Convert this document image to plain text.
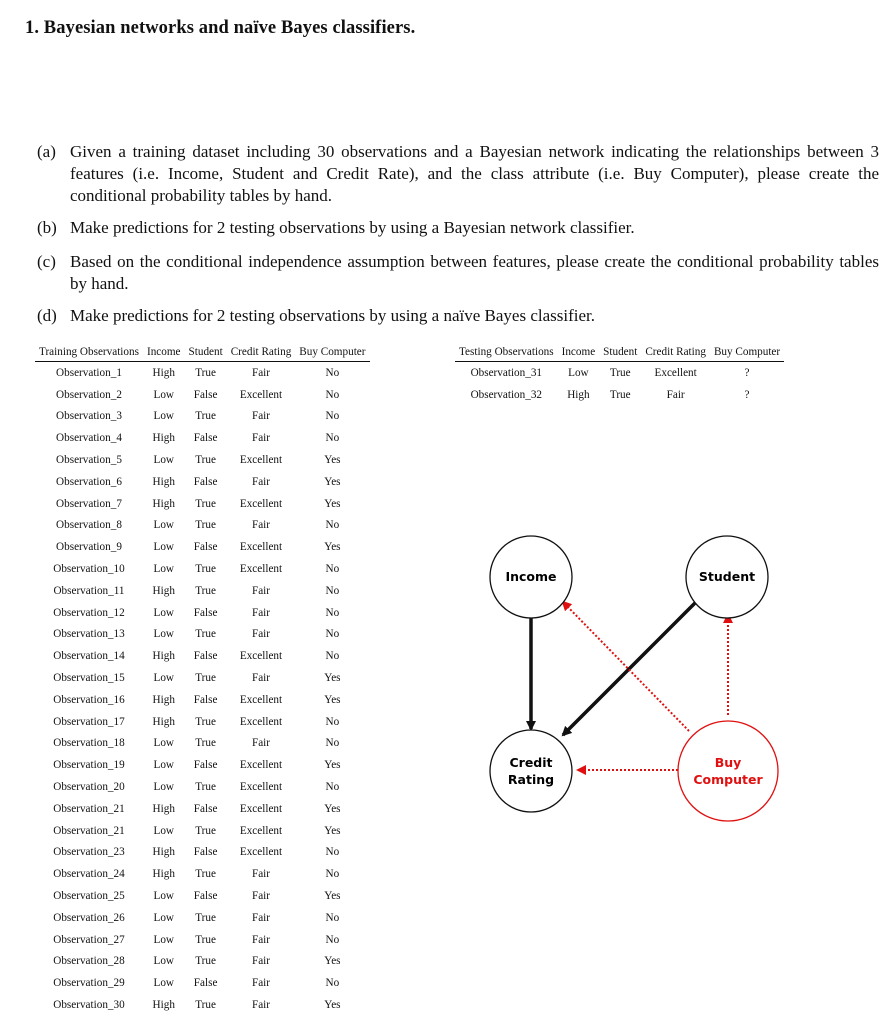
1. Bayesian networks and naïve Bayes classifiers.
(a) Given a training dataset including 30 observations and a Bayesian network indicating the relationships between 3 features (i.e. Income, Student and Credit Rate), and the class attribute (i.e. Buy Computer), please create the conditional probability tables by hand.
(b) Make predictions for 2 testing observations by using a Bayesian network classifier.
(c) Based on the conditional independence assumption between features, please create the conditional probability tables by hand.
(d) Make predictions for 2 testing observations by using a naïve Bayes classifier.
Training Observations	Income	Student	Credit Rating	Buy Computer
Observation_1	High	True	Fair	No
Observation_2	Low	False	Excellent	No
Observation_3	Low	True	Fair	No
Observation_4	High	False	Fair	No
Observation_5	Low	True	Excellent	Yes
Observation_6	High	False	Fair	Yes
Observation_7	High	True	Excellent	Yes
Observation_8	Low	True	Fair	No
Observation_9	Low	False	Excellent	Yes
Observation_10	Low	True	Excellent	No
Observation_11	High	True	Fair	No
Observation_12	Low	False	Fair	No
Observation_13	Low	True	Fair	No
Observation_14	High	False	Excellent	No
Observation_15	Low	True	Fair	Yes
Observation_16	High	False	Excellent	Yes
Observation_17	High	True	Excellent	No
Observation_18	Low	True	Fair	No
Observation_19	Low	False	Excellent	Yes
Observation_20	Low	True	Excellent	No
Observation_21	High	False	Excellent	Yes
Observation_21	Low	True	Excellent	Yes
Observation_23	High	False	Excellent	No
Observation_24	High	True	Fair	No
Observation_25	Low	False	Fair	Yes
Observation_26	Low	True	Fair	No
Observation_27	Low	True	Fair	No
Observation_28	Low	True	Fair	Yes
Observation_29	Low	False	Fair	No
Observation_30	High	True	Fair	Yes
Testing Observations	Income	Student	Credit Rating	Buy Computer
Observation_31	Low	True	Excellent	?
Observation_32	High	True	Fair	?
Income	Student
Credit
Rating
Buy
Computer
